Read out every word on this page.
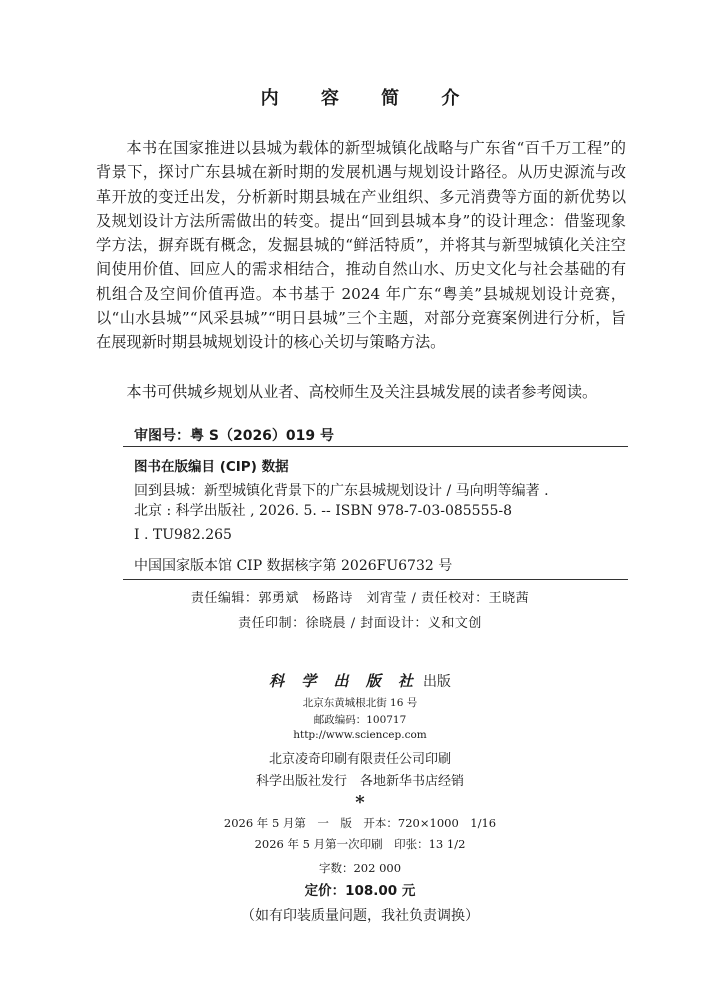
内 容 简 介

本书在国家推进以县城为载体的新型城镇化战略与广东省“百千万工程”的背景下，探讨广东县城在新时期的发展机遇与规划设计路径。从历史源流与改革开放的变迁出发，分析新时期县城在产业组织、多元消费等方面的新优势以及规划设计方法所需做出的转变。提出“回到县城本身”的设计理念：借鉴现象学方法，摒弃既有概念，发掘县城的“鲜活特质”，并将其与新型城镇化关注空间使用价值、回应人的需求相结合，推动自然山水、历史文化与社会基础的有机组合及空间价值再造。本书基于 2024 年广东“粤美”县城规划设计竞赛，以“山水县城”“风采县城”“明日县城”三个主题，对部分竞赛案例进行分析，旨在展现新时期县城规划设计的核心关切与策略方法。

本书可供城乡规划从业者、高校师生及关注县城发展的读者参考阅读。

审图号：粤 S（2026）019 号
图书在版编目 (CIP) 数据
回到县城：新型城镇化背景下的广东县城规划设计 / 马向明等编著 .
北京 : 科学出版社 , 2026. 5. -- ISBN 978-7-03-085555-8
Ⅰ . TU982.265
中国国家版本馆 CIP 数据核字第 2026FU6732 号
责任编辑：郭勇斌　杨路诗　刘宵莹 / 责任校对：王晓茜
责任印制：徐晓晨 / 封面设计：义和文创
科 学 出 版 社 出版
北京东黄城根北街 16 号
邮政编码：100717
http://www.sciencep.com
北京凌奇印刷有限责任公司印刷
科学出版社发行　各地新华书店经销
*
2026 年 5 月第　一　版　开本：720×1000　1/16
2026 年 5 月第一次印刷　印张：13 1/2
字数：202 000
定价：108.00 元
（如有印装质量问题，我社负责调换）
